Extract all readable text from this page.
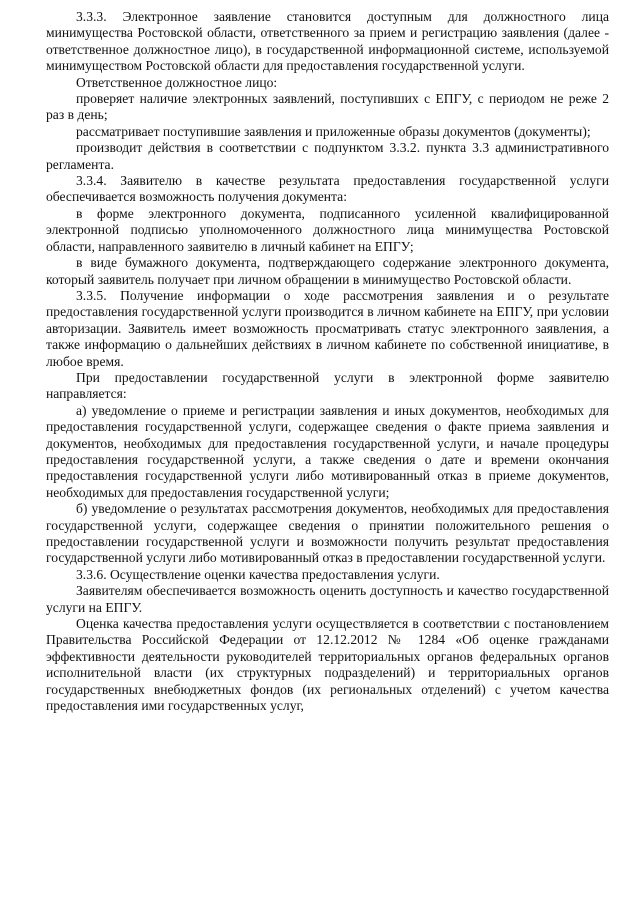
3.3.3. Электронное заявление становится доступным для должностного лица минимущества Ростовской области, ответственного за прием и регистрацию заявления (далее - ответственное должностное лицо), в государственной информационной системе, используемой минимуществом Ростовской области для предоставления государственной услуги.

Ответственное должностное лицо:

проверяет наличие электронных заявлений, поступивших с ЕПГУ, с периодом не реже 2 раз в день;

рассматривает поступившие заявления и приложенные образы документов (документы);

производит действия в соответствии с подпунктом 3.3.2. пункта 3.3 административного регламента.

3.3.4. Заявителю в качестве результата предоставления государственной услуги обеспечивается возможность получения документа:

в форме электронного документа, подписанного усиленной квалифицированной электронной подписью уполномоченного должностного лица минимущества Ростовской области, направленного заявителю в личный кабинет на ЕПГУ;

в виде бумажного документа, подтверждающего содержание электронного документа, который заявитель получает при личном обращении в минимущество Ростовской области.

3.3.5. Получение информации о ходе рассмотрения заявления и о результате предоставления государственной услуги производится в личном кабинете на ЕПГУ, при условии авторизации. Заявитель имеет возможность просматривать статус электронного заявления, а также информацию о дальнейших действиях в личном кабинете по собственной инициативе, в любое время.

При предоставлении государственной услуги в электронной форме заявителю направляется:

а) уведомление о приеме и регистрации заявления и иных документов, необходимых для предоставления государственной услуги, содержащее сведения о факте приема заявления и документов, необходимых для предоставления государственной услуги, и начале процедуры предоставления государственной услуги, а также сведения о дате и времени окончания предоставления государственной услуги либо мотивированный отказ в приеме документов, необходимых для предоставления государственной услуги;

б) уведомление о результатах рассмотрения документов, необходимых для предоставления государственной услуги, содержащее сведения о принятии положительного решения о предоставлении государственной услуги и возможности получить результат предоставления государственной услуги либо мотивированный отказ в предоставлении государственной услуги.

3.3.6. Осуществление оценки качества предоставления услуги.

Заявителям обеспечивается возможность оценить доступность и качество государственной услуги на ЕПГУ.

Оценка качества предоставления услуги осуществляется в соответствии с постановлением Правительства Российской Федерации от 12.12.2012 № 1284 «Об оценке гражданами эффективности деятельности руководителей территориальных органов федеральных органов исполнительной власти (их структурных подразделений) и территориальных органов государственных внебюджетных фондов (их региональных отделений) с учетом качества предоставления ими государственных услуг,
